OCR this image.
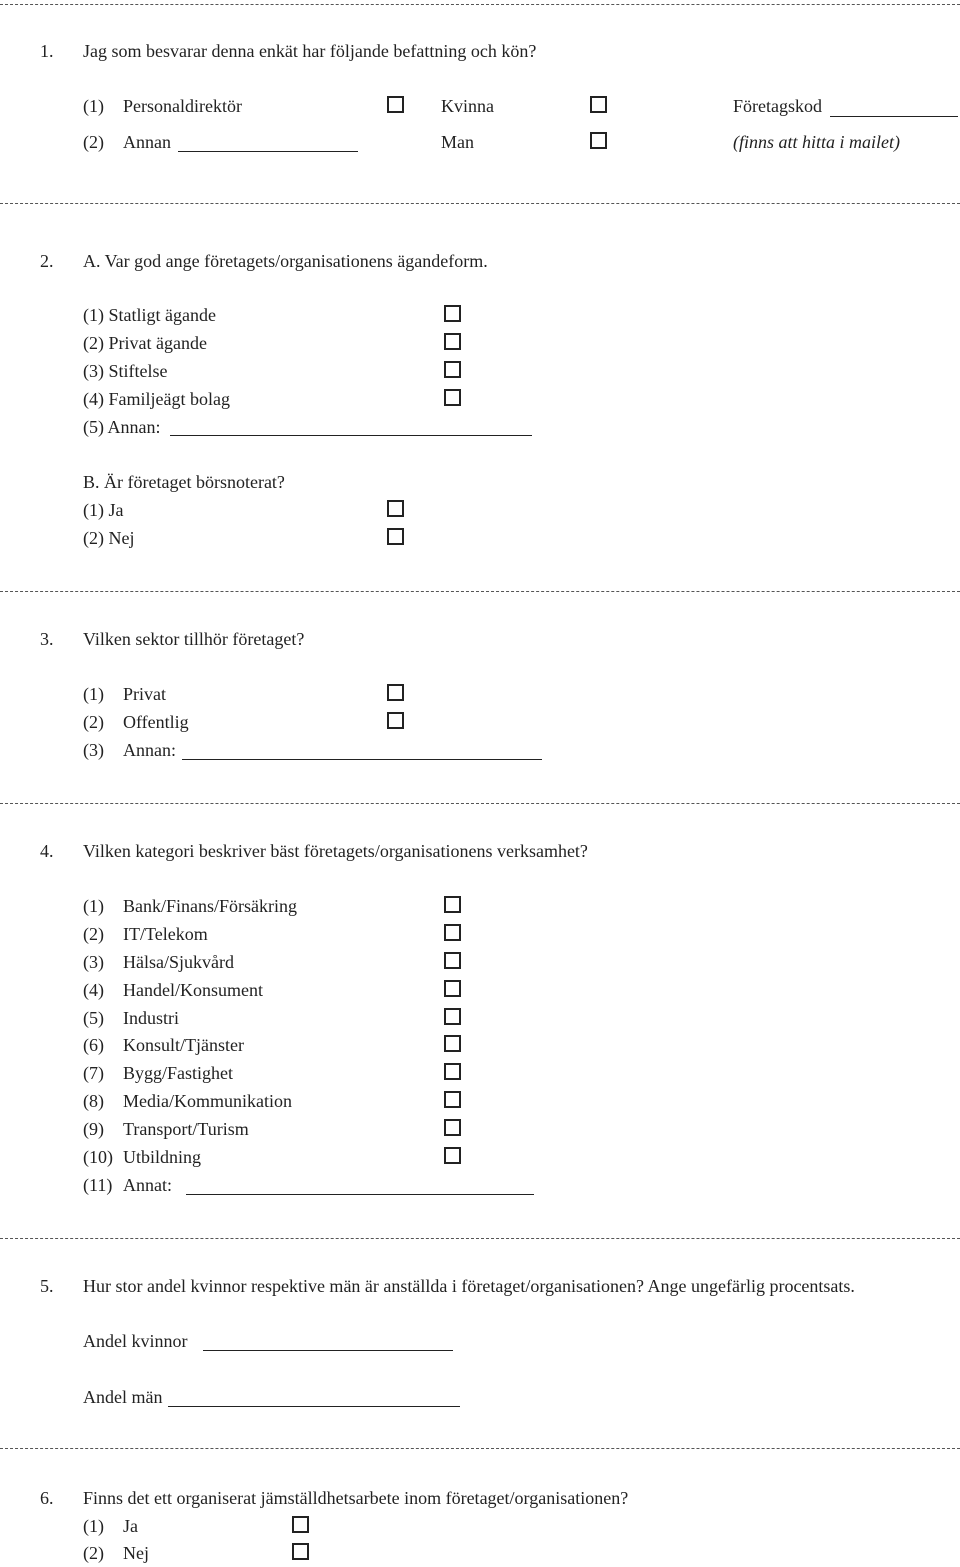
1. Jag som besvarar denna enkät har följande befattning och kön?
(1) Personaldirektör	Kvinna	Företagskod
(2) Annan	Man	(finns att hitta i mailet)
2. A. Var god ange företagets/organisationens ägandeform.
(1) Statligt ägande
(2) Privat ägande
(3) Stiftelse
(4) Familjeägt bolag
(5) Annan:
B. Är företaget börsnoterat?
(1) Ja
(2) Nej
3. Vilken sektor tillhör företaget?
(1) Privat
(2) Offentlig
(3) Annan:
4. Vilken kategori beskriver bäst företagets/organisationens verksamhet?
(1) Bank/Finans/Försäkring
(2) IT/Telekom
(3) Hälsa/Sjukvård
(4) Handel/Konsument
(5) Industri
(6) Konsult/Tjänster
(7) Bygg/Fastighet
(8) Media/Kommunikation
(9) Transport/Turism
(10) Utbildning
(11) Annat:
5. Hur stor andel kvinnor respektive män är anställda i företaget/organisationen? Ange ungefärlig procentsats.
Andel kvinnor
Andel män
6. Finns det ett organiserat jämställdhetsarbete inom företaget/organisationen?
(1) Ja
(2) Nej
